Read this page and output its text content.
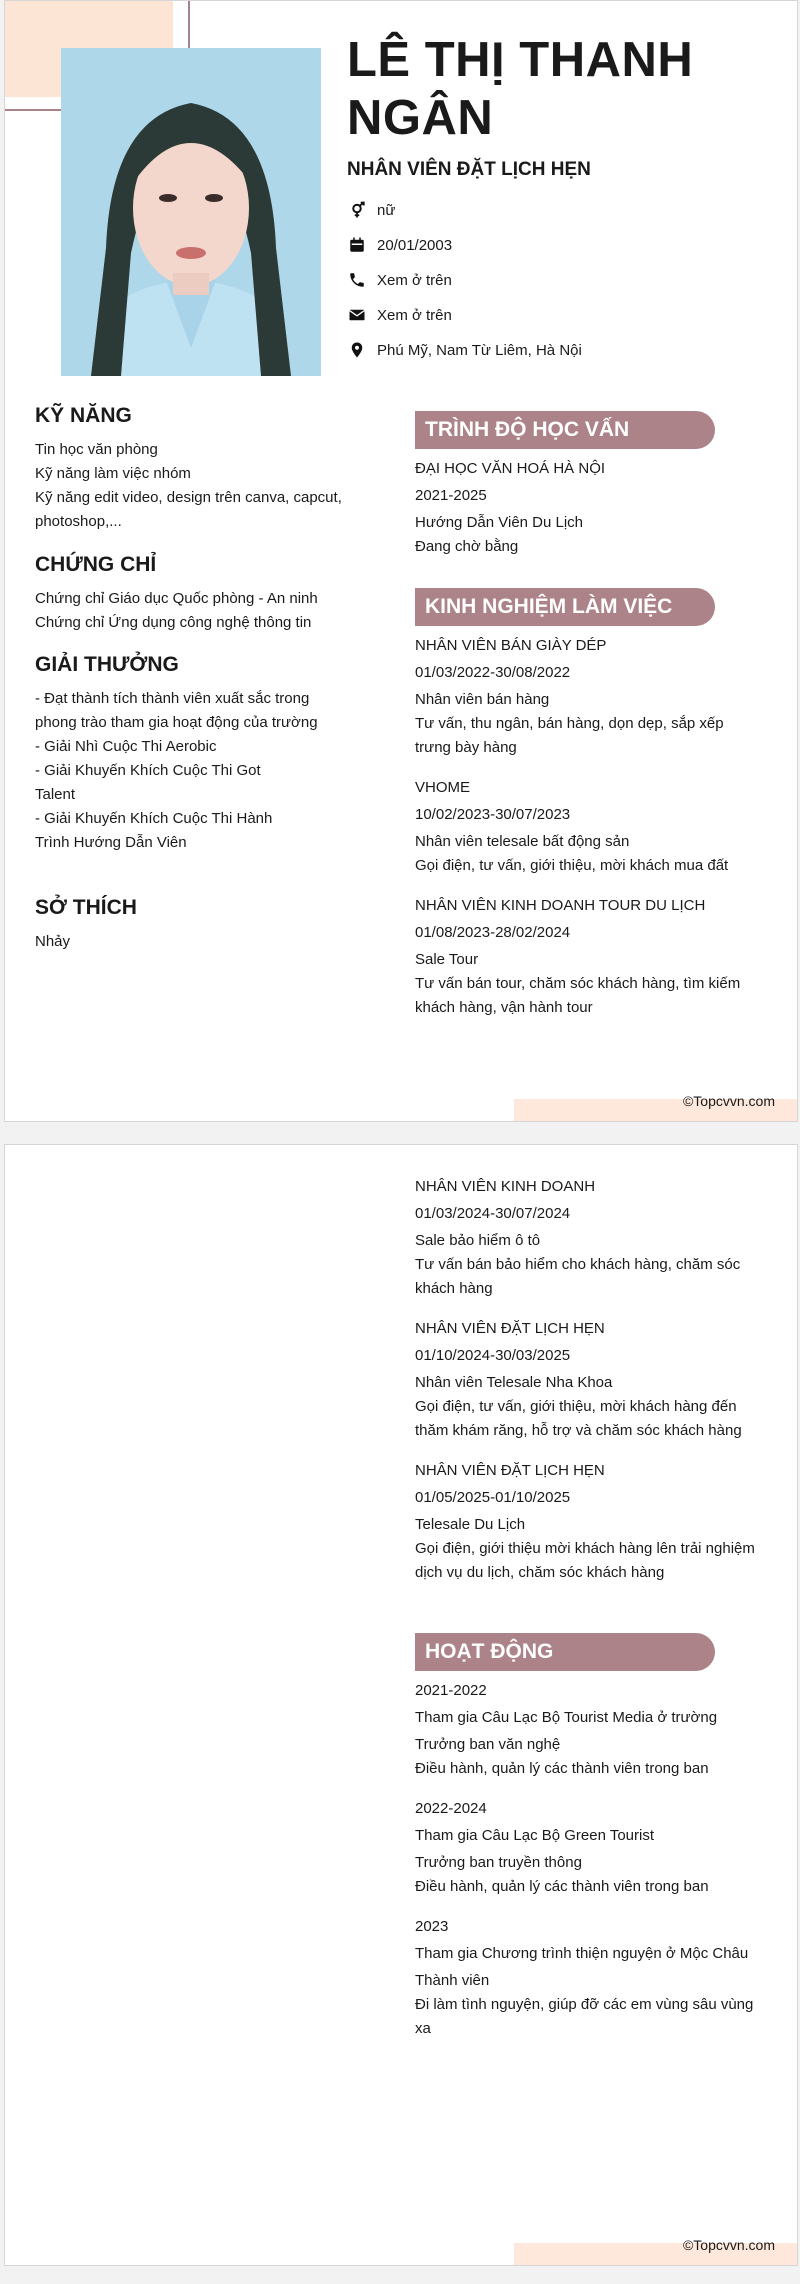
LÊ THỊ THANH NGÂN
NHÂN VIÊN ĐẶT LỊCH HẸN
nữ
20/01/2003
Xem ở trên
Xem ở trên
Phú Mỹ, Nam Từ Liêm, Hà Nội
KỸ NĂNG

Tin học văn phòng

Kỹ năng làm việc nhóm

Kỹ năng edit video, design trên canva, capcut, photoshop,...

CHỨNG CHỈ

Chứng chỉ Giáo dục Quốc phòng - An ninh

Chứng chỉ Ứng dụng công nghệ thông tin

GIẢI THƯỞNG

- Đạt thành tích thành viên xuất sắc trong phong trào tham gia hoạt động của trường

- Giải Nhì Cuộc Thi Aerobic

- Giải Khuyến Khích Cuộc Thi Got Talent

- Giải Khuyến Khích Cuộc Thi Hành Trình Hướng Dẫn Viên

SỞ THÍCH

Nhảy

TRÌNH ĐỘ HỌC VẤN

ĐẠI HỌC VĂN HOÁ HÀ NỘI

2021-2025

Hướng Dẫn Viên Du Lịch

Đang chờ bằng

KINH NGHIỆM LÀM VIỆC

NHÂN VIÊN BÁN GIÀY DÉP

01/03/2022-30/08/2022

Nhân viên bán hàng

Tư vấn, thu ngân, bán hàng, dọn dẹp, sắp xếp trưng bày hàng

VHOME

10/02/2023-30/07/2023

Nhân viên telesale bất động sản

Gọi điện, tư vấn, giới thiệu, mời khách mua đất

NHÂN VIÊN KINH DOANH TOUR DU LỊCH

01/08/2023-28/02/2024

Sale Tour

Tư vấn bán tour, chăm sóc khách hàng, tìm kiếm khách hàng, vận hành tour

©Topcvvn.com

NHÂN VIÊN KINH DOANH

01/03/2024-30/07/2024

Sale bảo hiểm ô tô

Tư vấn bán bảo hiểm cho khách hàng, chăm sóc khách hàng

NHÂN VIÊN ĐẶT LỊCH HẸN

01/10/2024-30/03/2025

Nhân viên Telesale Nha Khoa

Gọi điện, tư vấn, giới thiệu, mời khách hàng đến thăm khám răng, hỗ trợ và chăm sóc khách hàng

NHÂN VIÊN ĐẶT LỊCH HẸN

01/05/2025-01/10/2025

Telesale Du Lịch

Gọi điện, giới thiệu mời khách hàng lên trải nghiệm dịch vụ du lịch, chăm sóc khách hàng

HOẠT ĐỘNG

2021-2022

Tham gia Câu Lạc Bộ Tourist Media ở trường

Trưởng ban văn nghệ

Điều hành, quản lý các thành viên trong ban

2022-2024

Tham gia Câu Lạc Bộ Green Tourist

Trưởng ban truyền thông

Điều hành, quản lý các thành viên trong ban

2023

Tham gia Chương trình thiện nguyện ở Mộc Châu

Thành viên

Đi làm tình nguyện, giúp đỡ các em vùng sâu vùng xa

©Topcvvn.com
